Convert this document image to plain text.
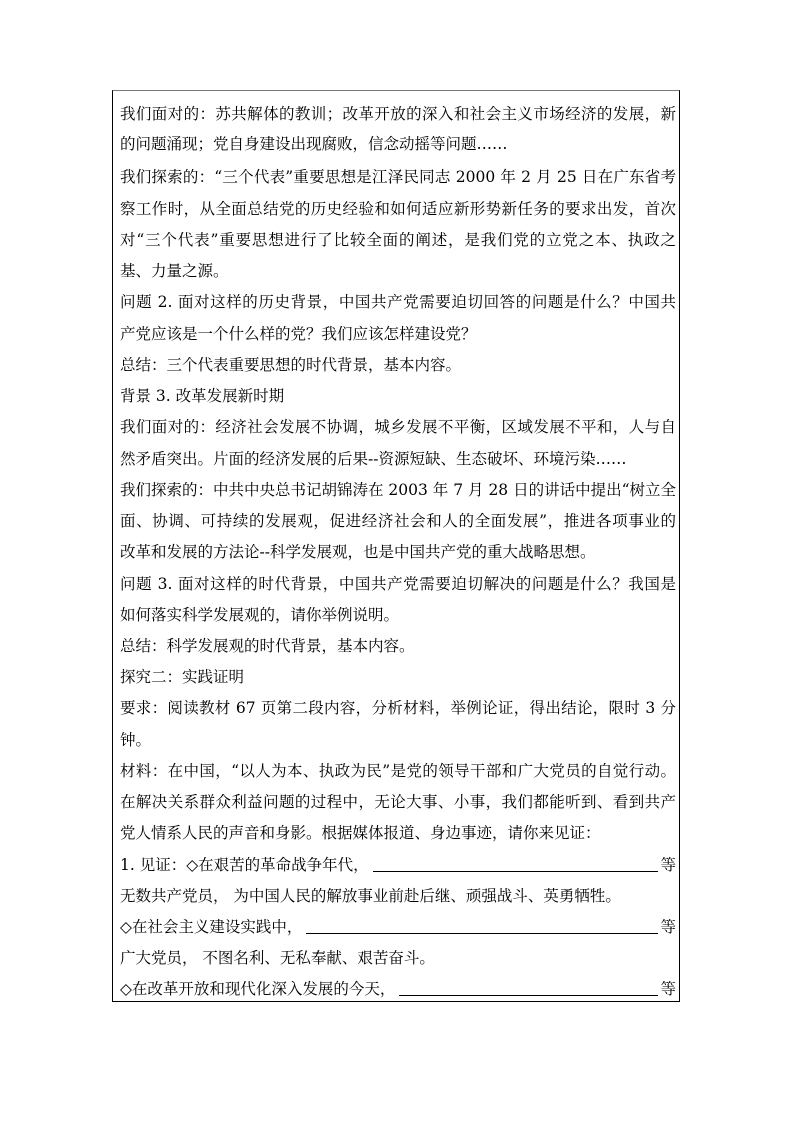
我们面对的：苏共解体的教训；改革开放的深入和社会主义市场经济的发展，新
的问题涌现；党自身建设出现腐败，信念动摇等问题……
我们探索的：“三个代表”重要思想是江泽民同志 2000 年 2 月 25 日在广东省考
察工作时，从全面总结党的历史经验和如何适应新形势新任务的要求出发，首次
对“三个代表”重要思想进行了比较全面的阐述，是我们党的立党之本、执政之
基、力量之源。
问题 2. 面对这样的历史背景，中国共产党需要迫切回答的问题是什么？中国共
产党应该是一个什么样的党？我们应该怎样建设党？
总结：三个代表重要思想的时代背景，基本内容。
背景 3. 改革发展新时期
我们面对的：经济社会发展不协调，城乡发展不平衡，区域发展不平和，人与自
然矛盾突出。片面的经济发展的后果--资源短缺、生态破坏、环境污染……
我们探索的：中共中央总书记胡锦涛在 2003 年 7 月 28 日的讲话中提出“树立全
面、协调、可持续的发展观，促进经济社会和人的全面发展”，推进各项事业的
改革和发展的方法论--科学发展观，也是中国共产党的重大战略思想。
问题 3. 面对这样的时代背景，中国共产党需要迫切解决的问题是什么？我国是
如何落实科学发展观的，请你举例说明。
总结：科学发展观的时代背景，基本内容。
探究二：实践证明
要求：阅读教材 67 页第二段内容，分析材料，举例论证，得出结论，限时 3 分
钟。
材料：在中国，“以人为本、执政为民”是党的领导干部和广大党员的自觉行动。
在解决关系群众利益问题的过程中，无论大事、小事，我们都能听到、看到共产
党人情系人民的声音和身影。根据媒体报道、身边事迹，请你来见证：
1. 见证：◇在艰苦的革命战争年代，	等
无数共产党员， 为中国人民的解放事业前赴后继、顽强战斗、英勇牺牲。
◇在社会主义建设实践中，	等
广大党员， 不图名利、无私奉献、艰苦奋斗。
◇在改革开放和现代化深入发展的今天，	等
